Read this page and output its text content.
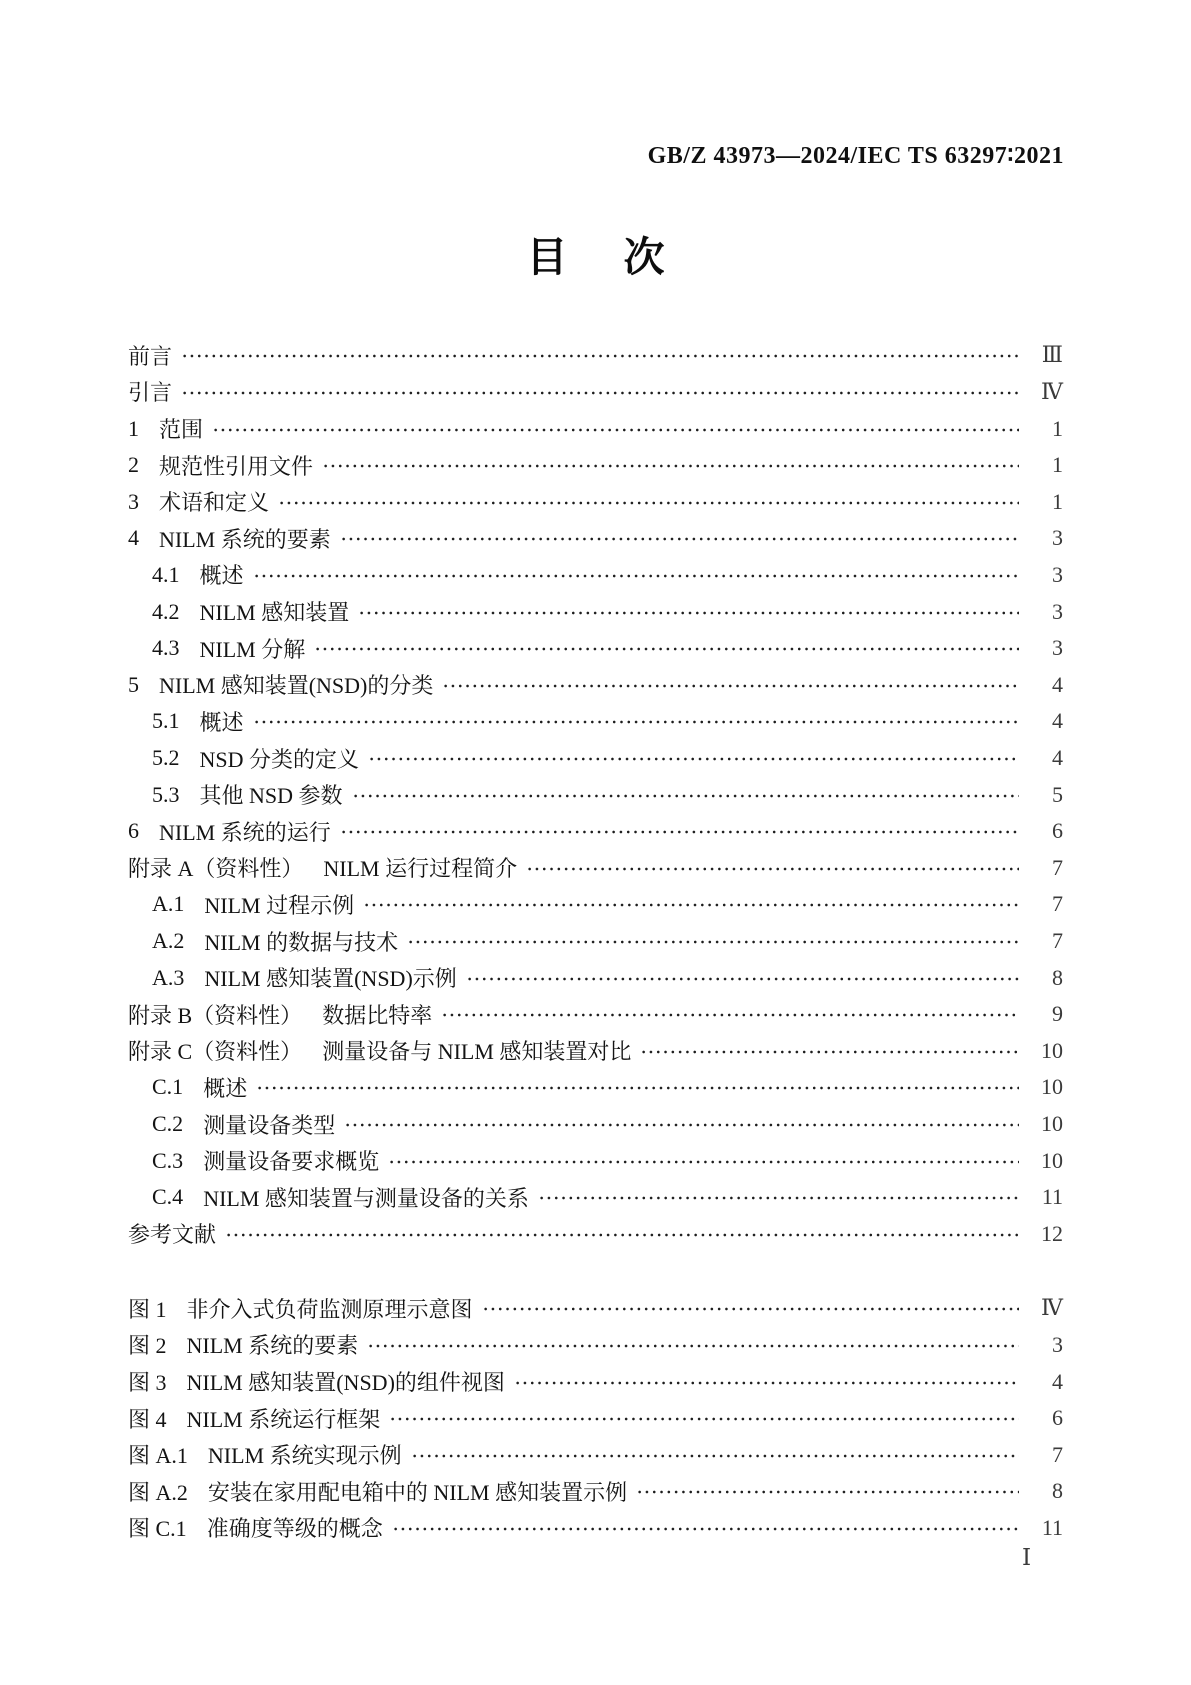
GB/Z 43973—2024/IEC TS 63297∶2021
目次
前言	Ⅲ
引言	Ⅳ
1 范围	1
2 规范性引用文件	1
3 术语和定义	1
4 NILM 系统的要素	3
4.1 概述	3
4.2 NILM 感知装置	3
4.3 NILM 分解	3
5 NILM 感知装置(NSD)的分类	4
5.1 概述	4
5.2 NSD 分类的定义	4
5.3 其他 NSD 参数	5
6 NILM 系统的运行	6
附录 A（资料性） NILM 运行过程简介	7
A.1 NILM 过程示例	7
A.2 NILM 的数据与技术	7
A.3 NILM 感知装置(NSD)示例	8
附录 B（资料性） 数据比特率	9
附录 C（资料性） 测量设备与 NILM 感知装置对比	10
C.1 概述	10
C.2 测量设备类型	10
C.3 测量设备要求概览	10
C.4 NILM 感知装置与测量设备的关系	11
参考文献	12
图 1 非介入式负荷监测原理示意图	Ⅳ
图 2 NILM 系统的要素	3
图 3 NILM 感知装置(NSD)的组件视图	4
图 4 NILM 系统运行框架	6
图 A.1 NILM 系统实现示例	7
图 A.2 安装在家用配电箱中的 NILM 感知装置示例	8
图 C.1 准确度等级的概念	11
Ⅰ
